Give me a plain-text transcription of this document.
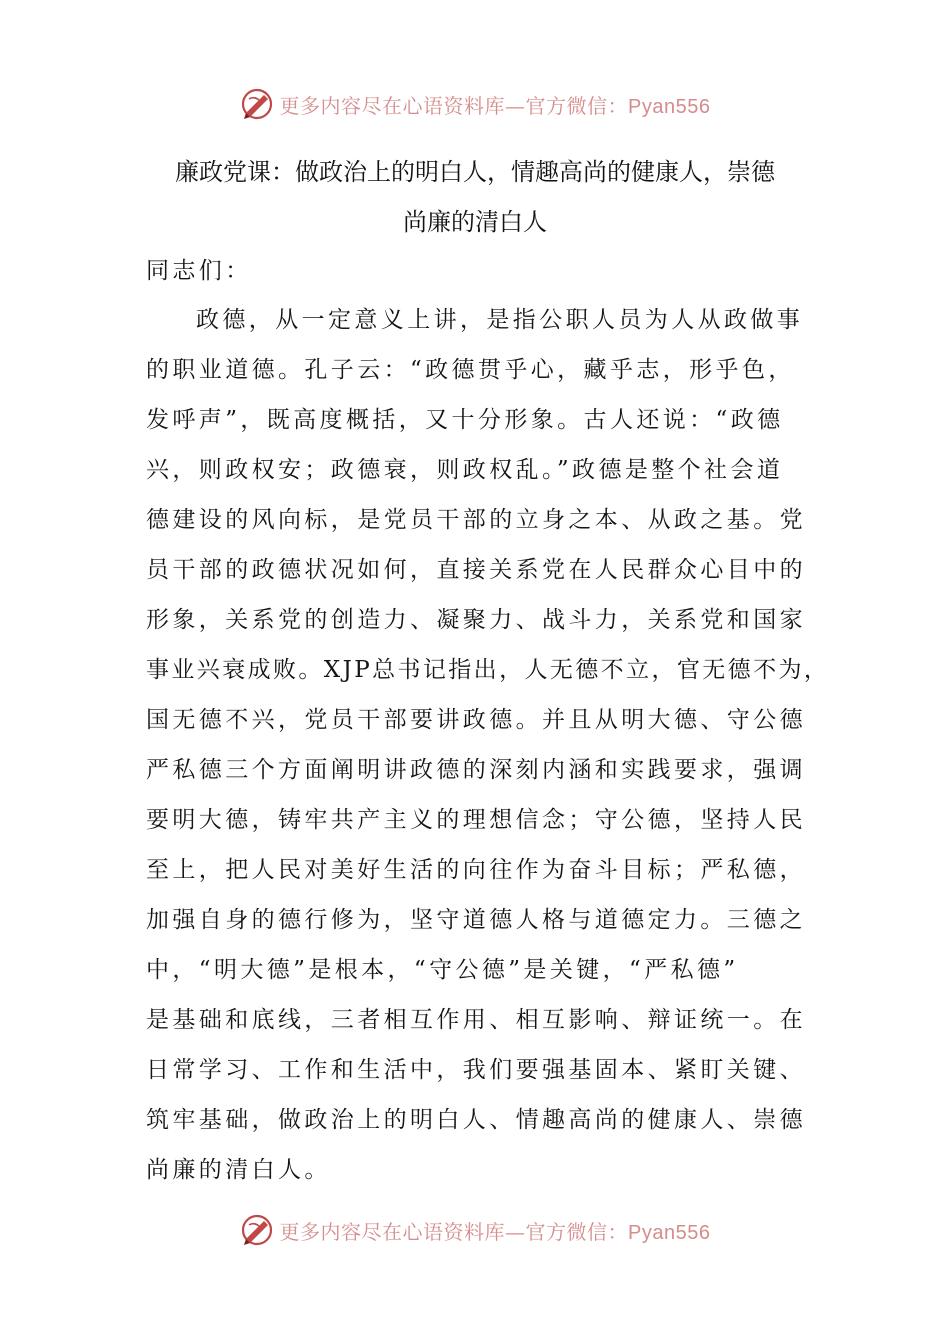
更多内容尽在心语资料库—官方微信：Pyan556
廉政党课：做政治上的明白人，情趣高尚的健康人，崇德
尚廉的清白人
同志们：
政德，从一定意义上讲，是指公职人员为人从政做事
的职业道德。孔子云：“政德贯乎心，藏乎志，形乎色，
发呼声”，既高度概括，又十分形象。古人还说：“政德
兴，则政权安；政德衰，则政权乱。”政德是整个社会道
德建设的风向标，是党员干部的立身之本、从政之基。党
员干部的政德状况如何，直接关系党在人民群众心目中的
形象，关系党的创造力、凝聚力、战斗力，关系党和国家
事业兴衰成败。XJP总书记指出，人无德不立，官无德不为，
国无德不兴，党员干部要讲政德。并且从明大德、守公德
严私德三个方面阐明讲政德的深刻内涵和实践要求，强调
要明大德，铸牢共产主义的理想信念；守公德，坚持人民
至上，把人民对美好生活的向往作为奋斗目标；严私德，
加强自身的德行修为，坚守道德人格与道德定力。三德之
中，“明大德”是根本，“守公德”是关键，“严私德”
是基础和底线，三者相互作用、相互影响、辩证统一。在
日常学习、工作和生活中，我们要强基固本、紧盯关键、
筑牢基础，做政治上的明白人、情趣高尚的健康人、崇德
尚廉的清白人。
更多内容尽在心语资料库—官方微信：Pyan556
